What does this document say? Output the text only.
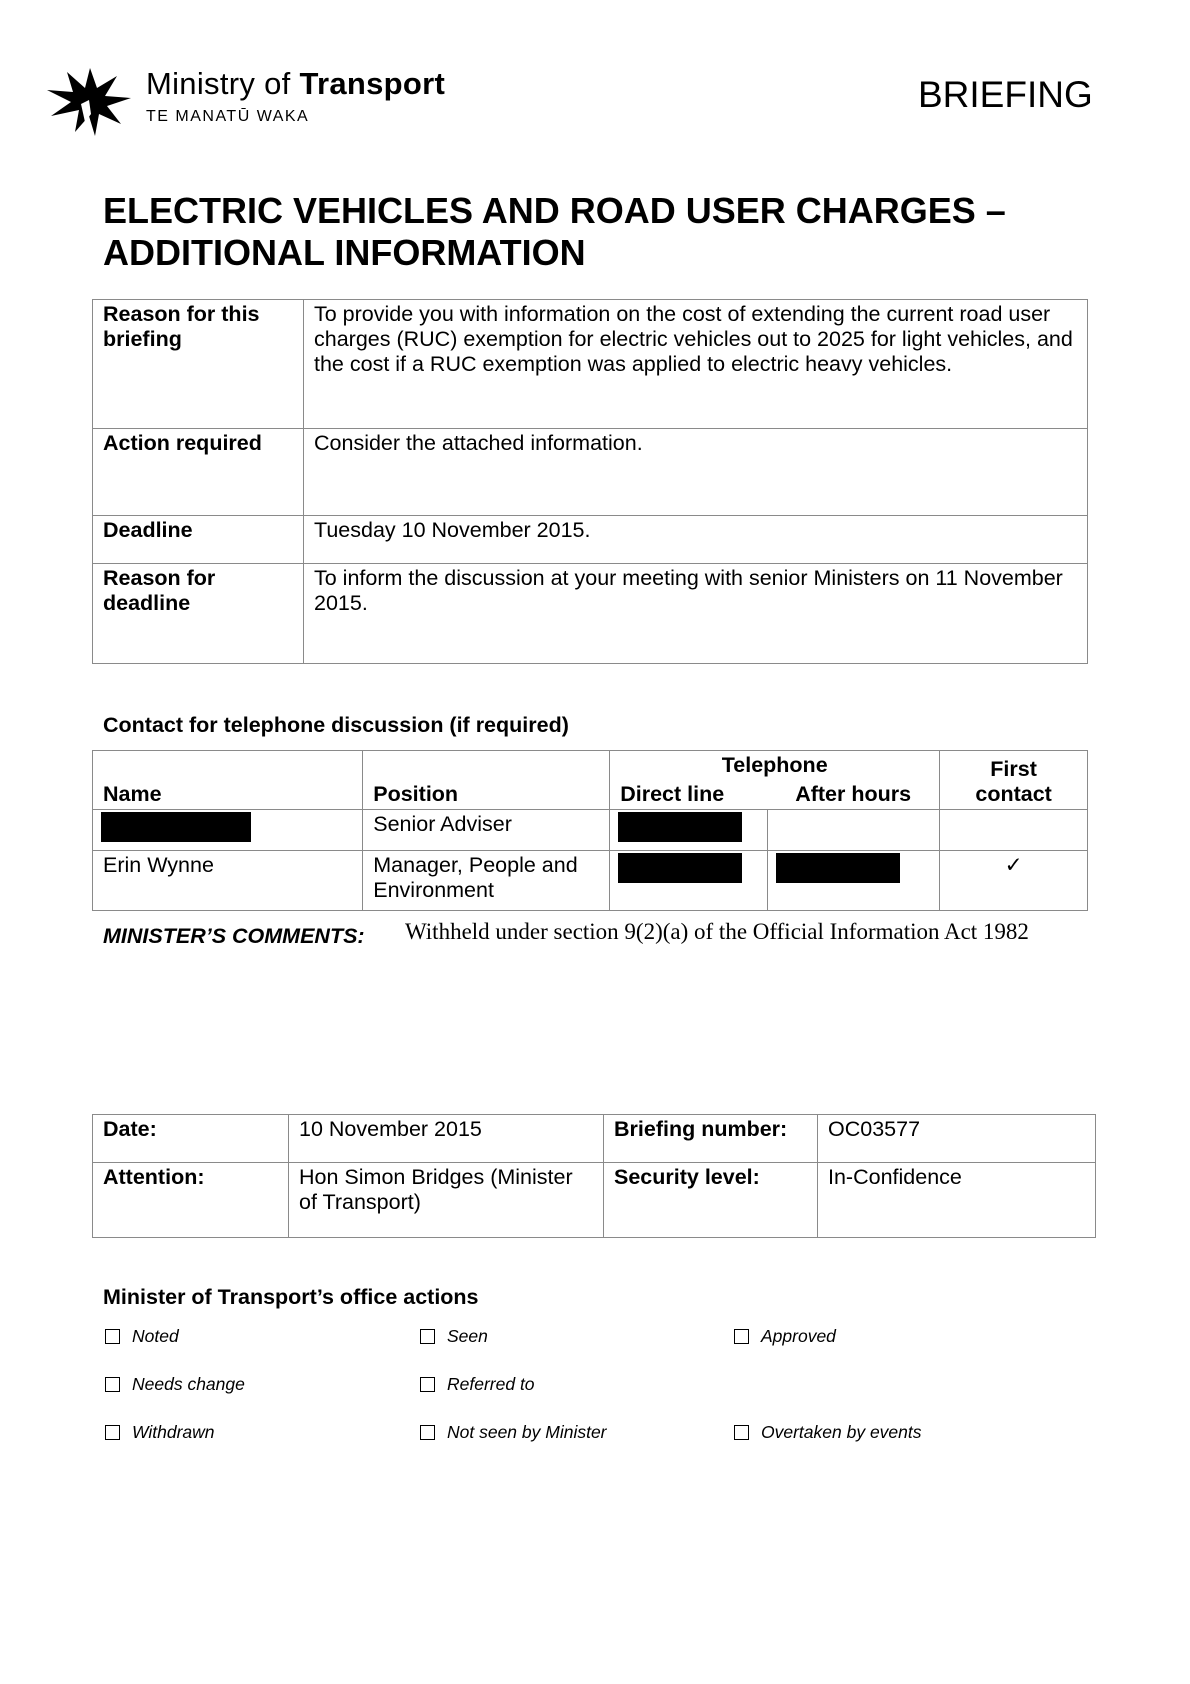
Ministry of Transport
TE MANATŪ WAKA
BRIEFING
ELECTRIC VEHICLES AND ROAD USER CHARGES –
ADDITIONAL INFORMATION
Reason for this briefing	To provide you with information on the cost of extending the current road user charges (RUC) exemption for electric vehicles out to 2025 for light vehicles, and the cost if a RUC exemption was applied to electric heavy vehicles.
Action required	Consider the attached information.
Deadline	Tuesday 10 November 2015.
Reason for deadline	To inform the discussion at your meeting with senior Ministers on 11 November 2015.
Contact for telephone discussion (if required)
Name	Position	Telephone		First contact
		Direct line	After hours	
	Senior Adviser			
Erin Wynne	Manager, People and Environment			✓
MINISTER’S COMMENTS: Withheld under section 9(2)(a) of the Official Information Act 1982
Date:	10 November 2015	Briefing number:	OC03577
Attention:	Hon Simon Bridges (Minister of Transport)	Security level:	In-Confidence
Minister of Transport’s office actions
Noted	Seen	Approved
Needs change	Referred to
Withdrawn	Not seen by Minister	Overtaken by events
